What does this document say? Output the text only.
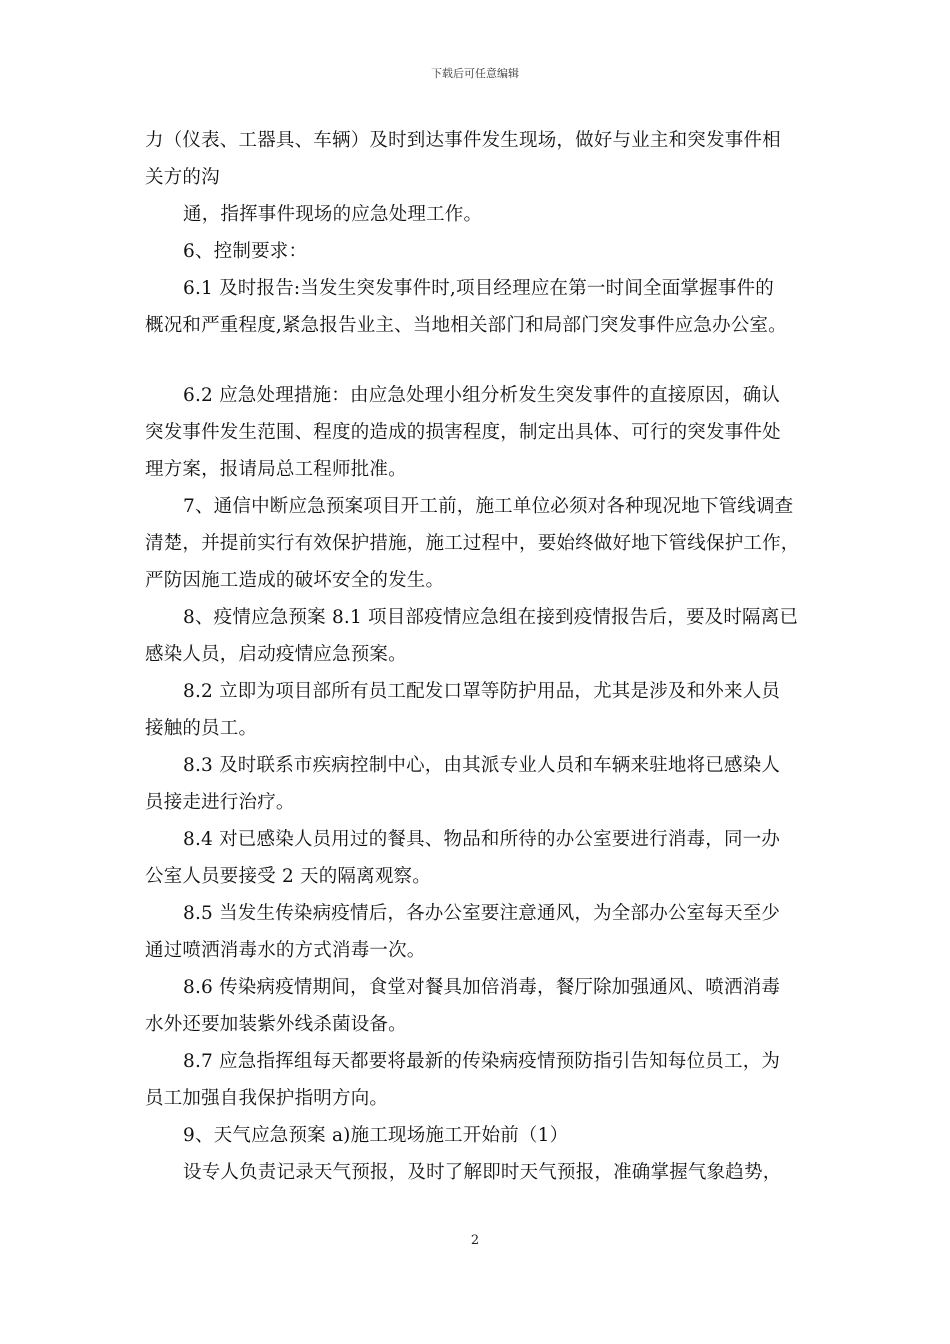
下载后可任意编辑
力（仪表、工器具、车辆）及时到达事件发生现场，做好与业主和突发事件相
关方的沟
通，指挥事件现场的应急处理工作。
6、控制要求：
6.1 及时报告:当发生突发事件时,项目经理应在第一时间全面掌握事件的
概况和严重程度,紧急报告业主、当地相关部门和局部门突发事件应急办公室。
6.2 应急处理措施：由应急处理小组分析发生突发事件的直接原因，确认
突发事件发生范围、程度的造成的损害程度，制定出具体、可行的突发事件处
理方案，报请局总工程师批准。
7、通信中断应急预案项目开工前，施工单位必须对各种现况地下管线调查
清楚，并提前实行有效保护措施，施工过程中，要始终做好地下管线保护工作，
严防因施工造成的破坏安全的发生。
8、疫情应急预案 8.1 项目部疫情应急组在接到疫情报告后，要及时隔离已
感染人员，启动疫情应急预案。
8.2 立即为项目部所有员工配发口罩等防护用品，尤其是涉及和外来人员
接触的员工。
8.3 及时联系市疾病控制中心，由其派专业人员和车辆来驻地将已感染人
员接走进行治疗。
8.4 对已感染人员用过的餐具、物品和所待的办公室要进行消毒，同一办
公室人员要接受 2 天的隔离观察。
8.5 当发生传染病疫情后，各办公室要注意通风，为全部办公室每天至少
通过喷洒消毒水的方式消毒一次。
8.6 传染病疫情期间，食堂对餐具加倍消毒，餐厅除加强通风、喷洒消毒
水外还要加装紫外线杀菌设备。
8.7 应急指挥组每天都要将最新的传染病疫情预防指引告知每位员工，为
员工加强自我保护指明方向。
9、天气应急预案 a)施工现场施工开始前（1）
设专人负责记录天气预报，及时了解即时天气预报，准确掌握气象趋势，
2
